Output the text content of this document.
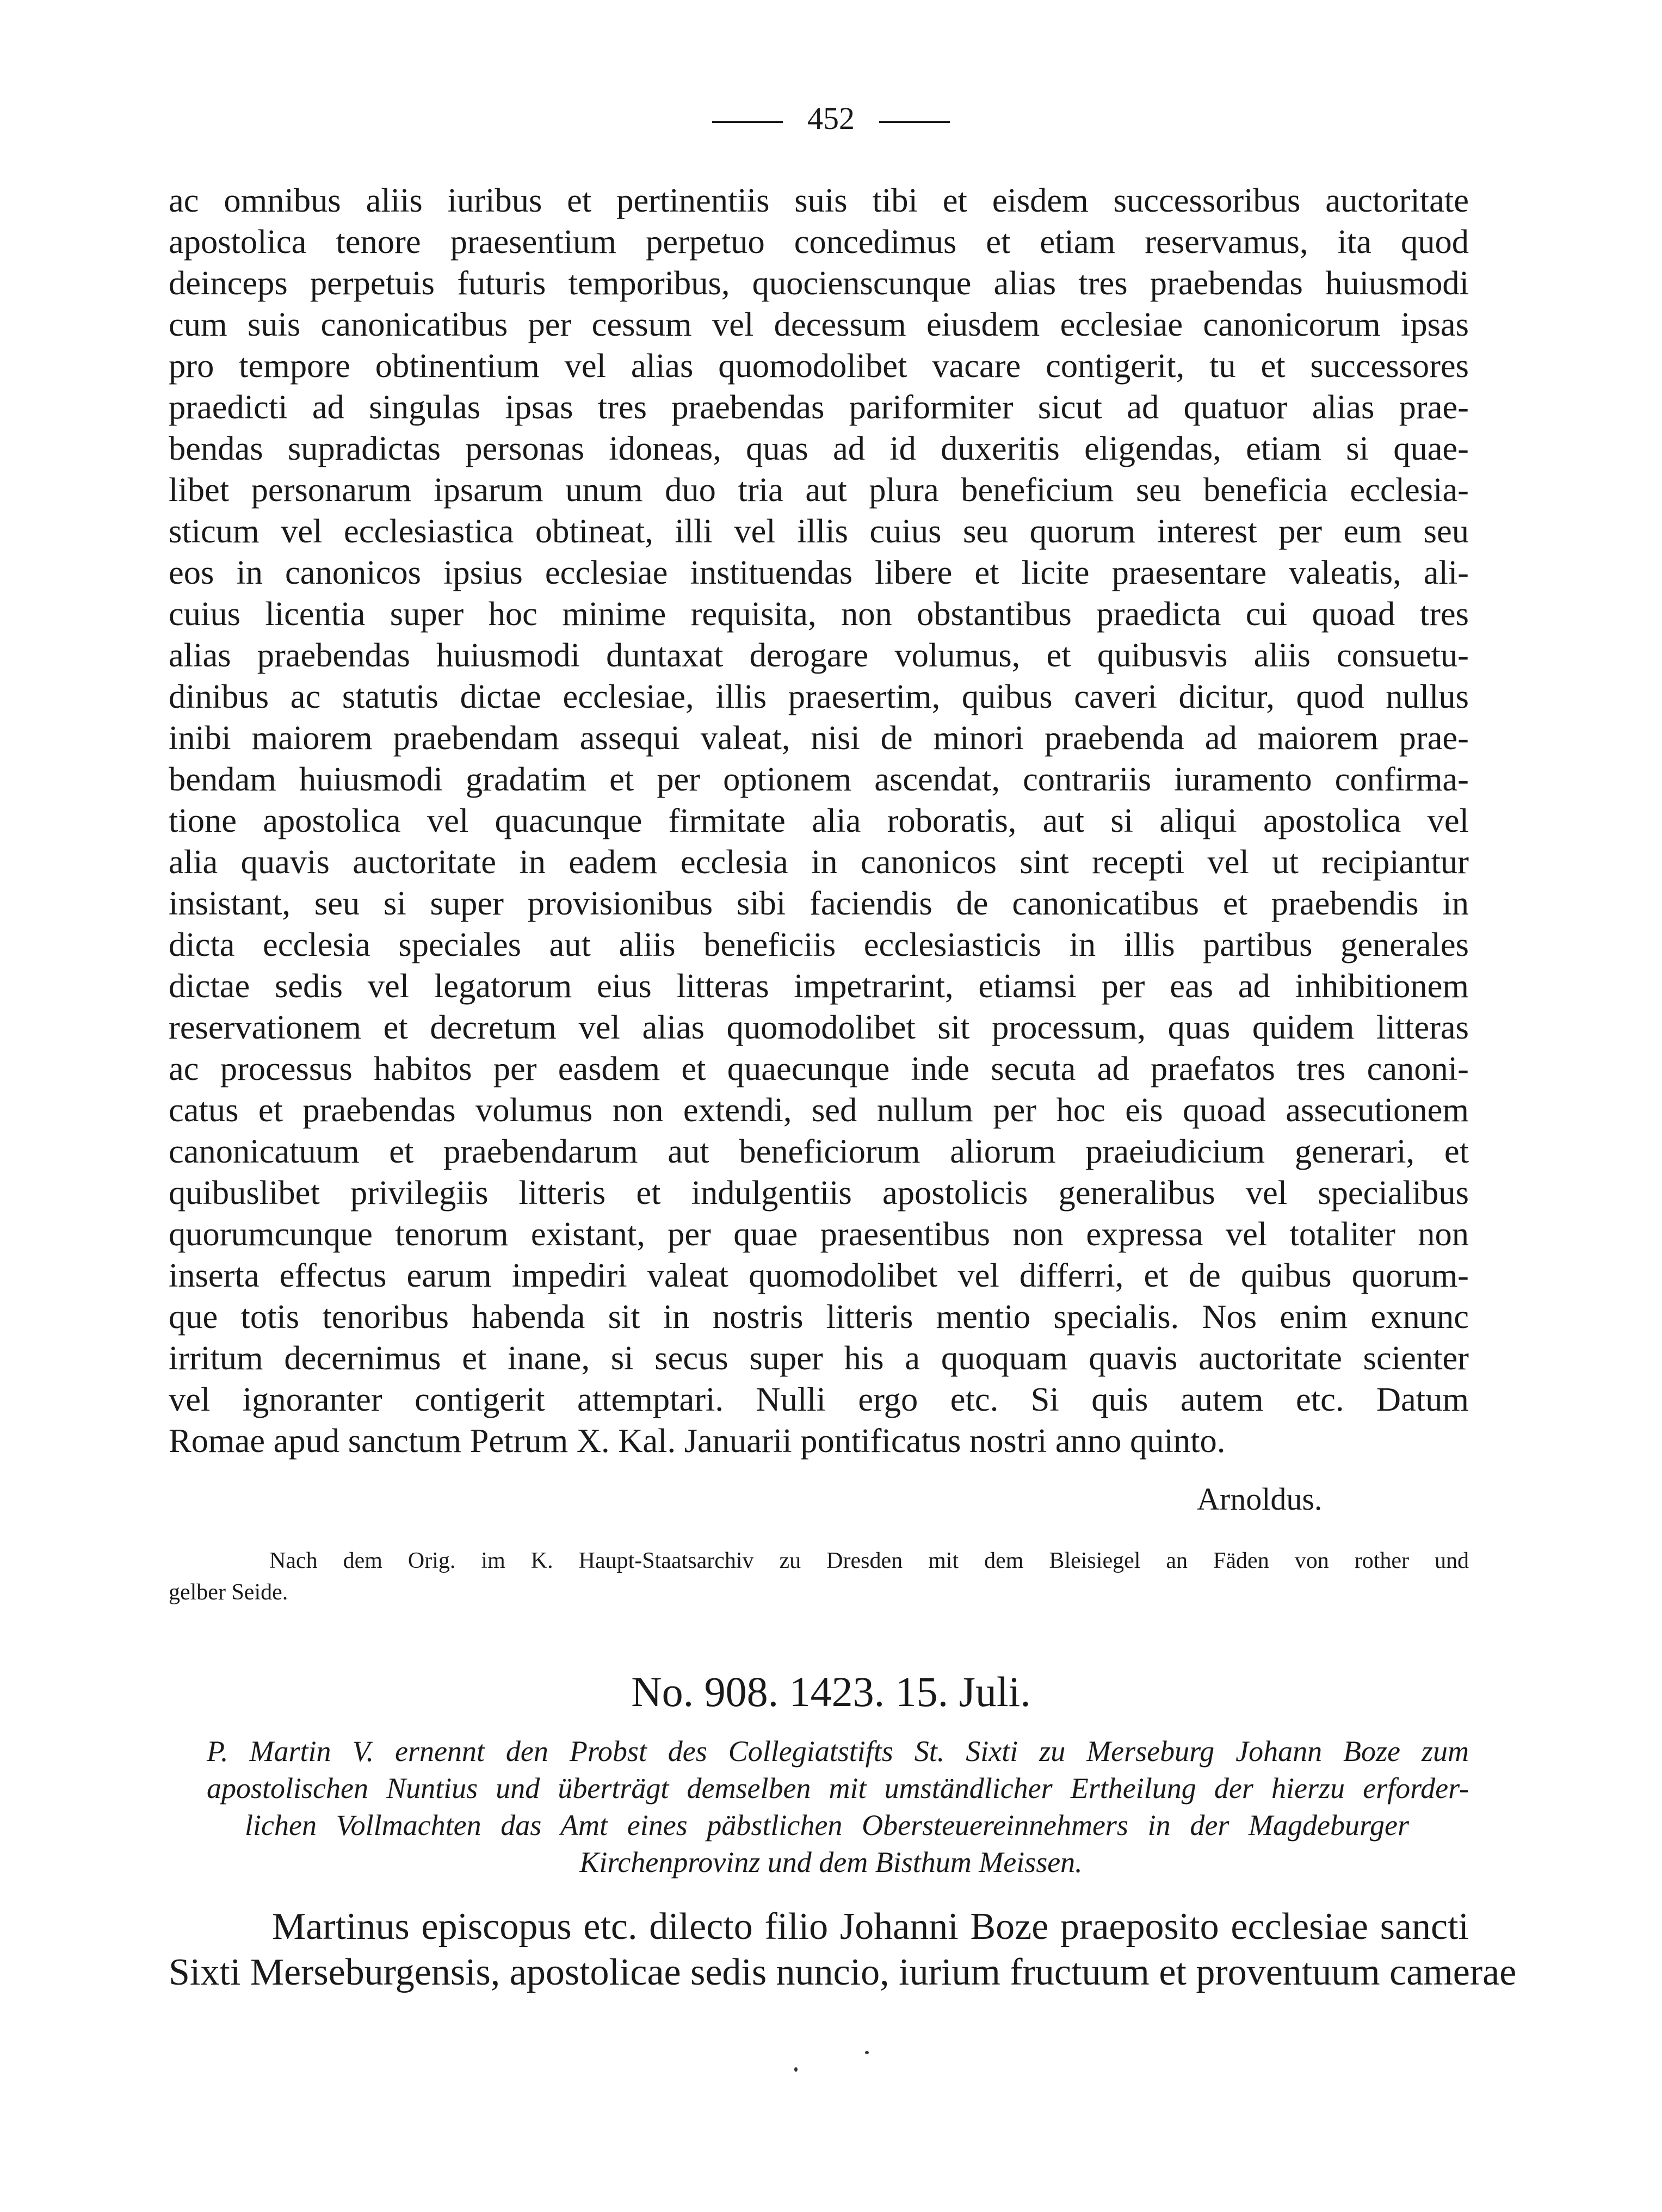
452
ac omnibus aliis iuribus et pertinentiis suis tibi et eisdem successoribus auctoritate
apostolica tenore praesentium perpetuo concedimus et etiam reservamus, ita quod
deinceps perpetuis futuris temporibus, quocienscunque alias tres praebendas huiusmodi
cum suis canonicatibus per cessum vel decessum eiusdem ecclesiae canonicorum ipsas
pro tempore obtinentium vel alias quomodolibet vacare contigerit, tu et successores
praedicti ad singulas ipsas tres praebendas pariformiter sicut ad quatuor alias prae-
bendas supradictas personas idoneas, quas ad id duxeritis eligendas, etiam si quae-
libet personarum ipsarum unum duo tria aut plura beneficium seu beneficia ecclesia-
sticum vel ecclesiastica obtineat, illi vel illis cuius seu quorum interest per eum seu
eos in canonicos ipsius ecclesiae instituendas libere et licite praesentare valeatis, ali-
cuius licentia super hoc minime requisita, non obstantibus praedicta cui quoad tres
alias praebendas huiusmodi duntaxat derogare volumus, et quibusvis aliis consuetu-
dinibus ac statutis dictae ecclesiae, illis praesertim, quibus caveri dicitur, quod nullus
inibi maiorem praebendam assequi valeat, nisi de minori praebenda ad maiorem prae-
bendam huiusmodi gradatim et per optionem ascendat, contrariis iuramento confirma-
tione apostolica vel quacunque firmitate alia roboratis, aut si aliqui apostolica vel
alia quavis auctoritate in eadem ecclesia in canonicos sint recepti vel ut recipiantur
insistant, seu si super provisionibus sibi faciendis de canonicatibus et praebendis in
dicta ecclesia speciales aut aliis beneficiis ecclesiasticis in illis partibus generales
dictae sedis vel legatorum eius litteras impetrarint, etiamsi per eas ad inhibitionem
reservationem et decretum vel alias quomodolibet sit processum, quas quidem litteras
ac processus habitos per easdem et quaecunque inde secuta ad praefatos tres canoni-
catus et praebendas volumus non extendi, sed nullum per hoc eis quoad assecutionem
canonicatuum et praebendarum aut beneficiorum aliorum praeiudicium generari, et
quibuslibet privilegiis litteris et indulgentiis apostolicis generalibus vel specialibus
quorumcunque tenorum existant, per quae praesentibus non expressa vel totaliter non
inserta effectus earum impediri valeat quomodolibet vel differri, et de quibus quorum-
que totis tenoribus habenda sit in nostris litteris mentio specialis. Nos enim exnunc
irritum decernimus et inane, si secus super his a quoquam quavis auctoritate scienter
vel ignoranter contigerit attemptari. Nulli ergo etc. Si quis autem etc. Datum
Romae apud sanctum Petrum X. Kal. Januarii pontificatus nostri anno quinto.
Arnoldus.
Nach dem Orig. im K. Haupt-Staatsarchiv zu Dresden mit dem Bleisiegel an Fäden von rother und
gelber Seide.
No. 908. 1423. 15. Juli.
P. Martin V. ernennt den Probst des Collegiatstifts St. Sixti zu Merseburg Johann Boze zum
apostolischen Nuntius und überträgt demselben mit umständlicher Ertheilung der hierzu erforder-
lichen Vollmachten das Amt eines päbstlichen Obersteuereinnehmers in der Magdeburger
Kirchenprovinz und dem Bisthum Meissen.
Martinus episcopus etc. dilecto filio Johanni Boze praeposito ecclesiae sancti
Sixti Merseburgensis, apostolicae sedis nuncio, iurium fructuum et proventuum camerae
